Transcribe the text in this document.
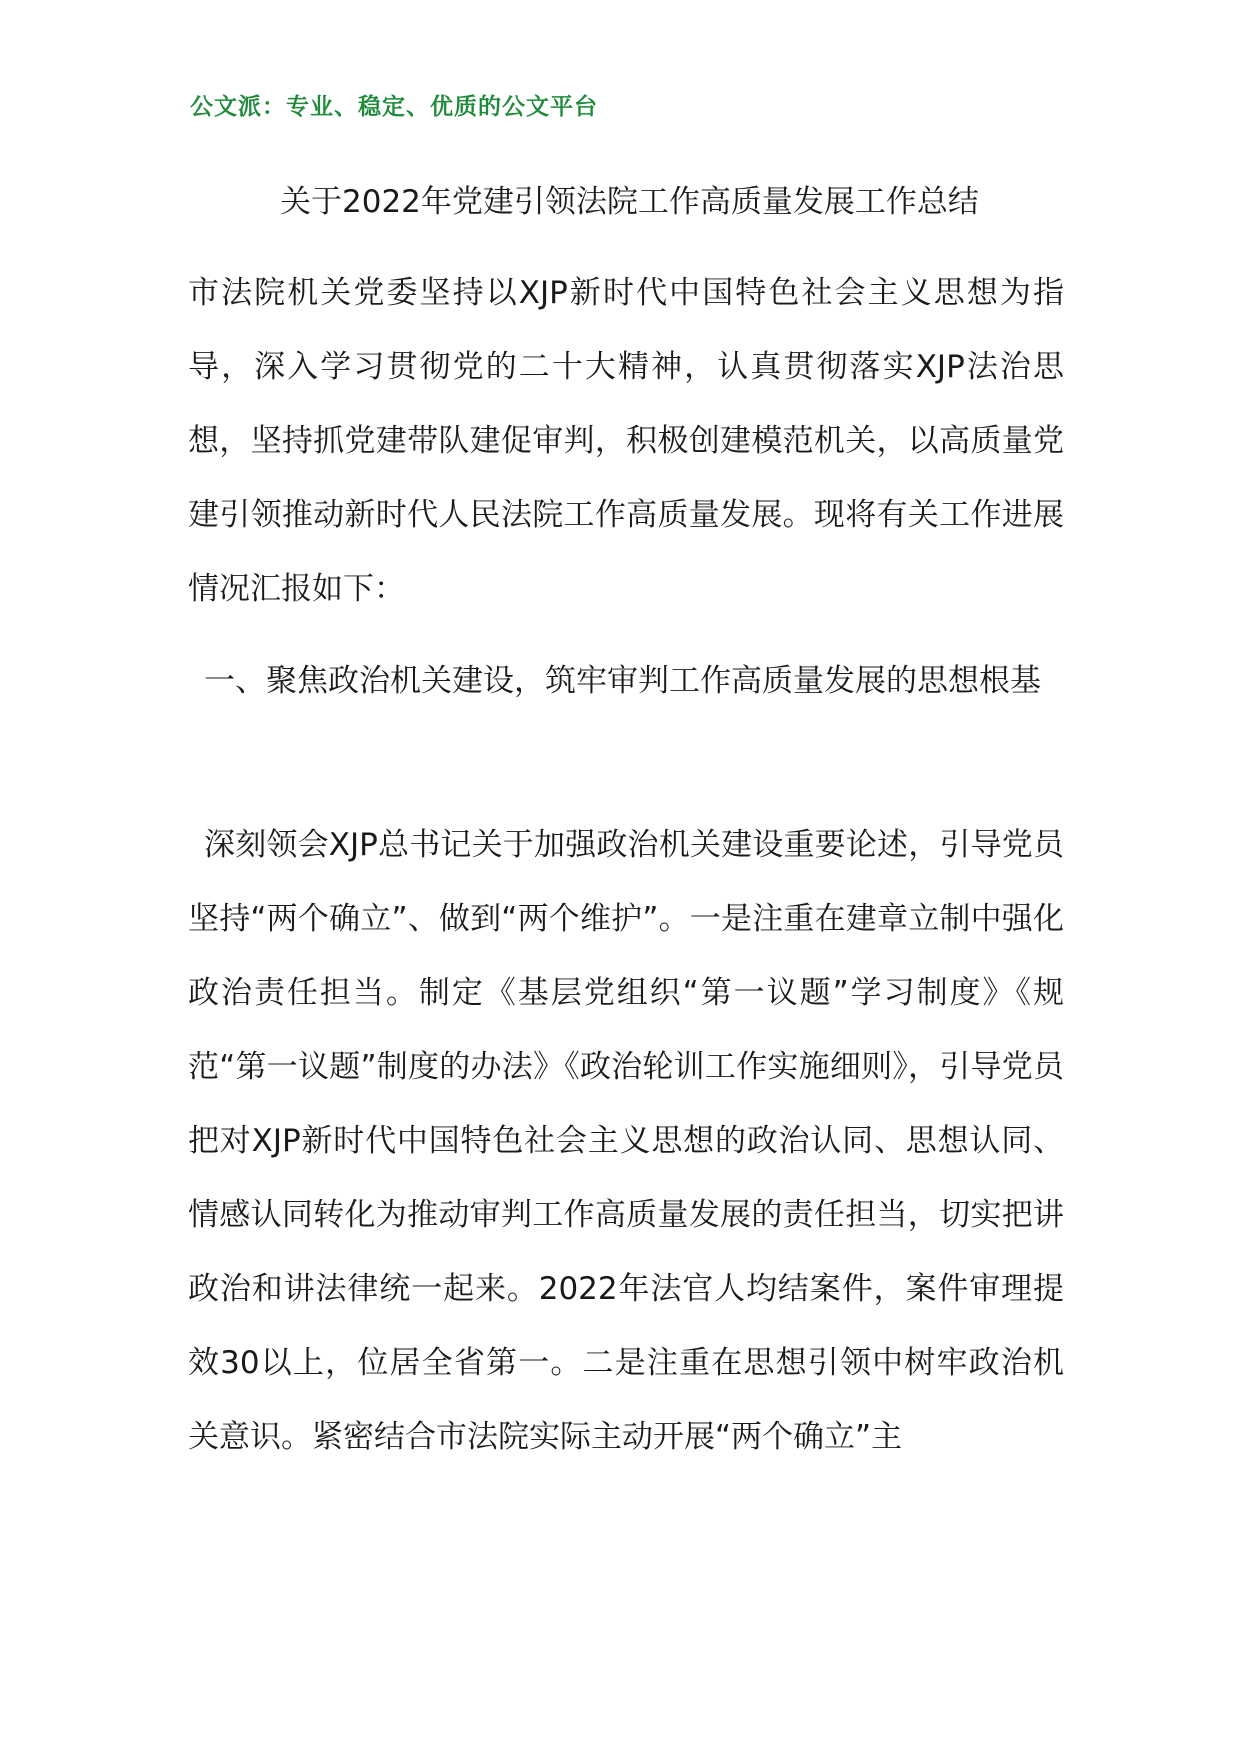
公文派：专业、稳定、优质的公文平台
关于2022年党建引领法院工作高质量发展工作总结

市法院机关党委坚持以XJP新时代中国特色社会主义思想为指导，深入学习贯彻党的二十大精神，认真贯彻落实XJP法治思想，坚持抓党建带队建促审判，积极创建模范机关，以高质量党建引领推动新时代人民法院工作高质量发展。现将有关工作进展情况汇报如下：

一、聚焦政治机关建设，筑牢审判工作高质量发展的思想根基

深刻领会XJP总书记关于加强政治机关建设重要论述，引导党员坚持“两个确立”、做到“两个维护”。一是注重在建章立制中强化政治责任担当。制定《基层党组织“第一议题”学习制度》《规范“第一议题”制度的办法》《政治轮训工作实施细则》，引导党员把对XJP新时代中国特色社会主义思想的政治认同、思想认同、情感认同转化为推动审判工作高质量发展的责任担当，切实把讲政治和讲法律统一起来。2022年法官人均结案件，案件审理提效30以上，位居全省第一。二是注重在思想引领中树牢政治机关意识。紧密结合市法院实际主动开展“两个确立”主
